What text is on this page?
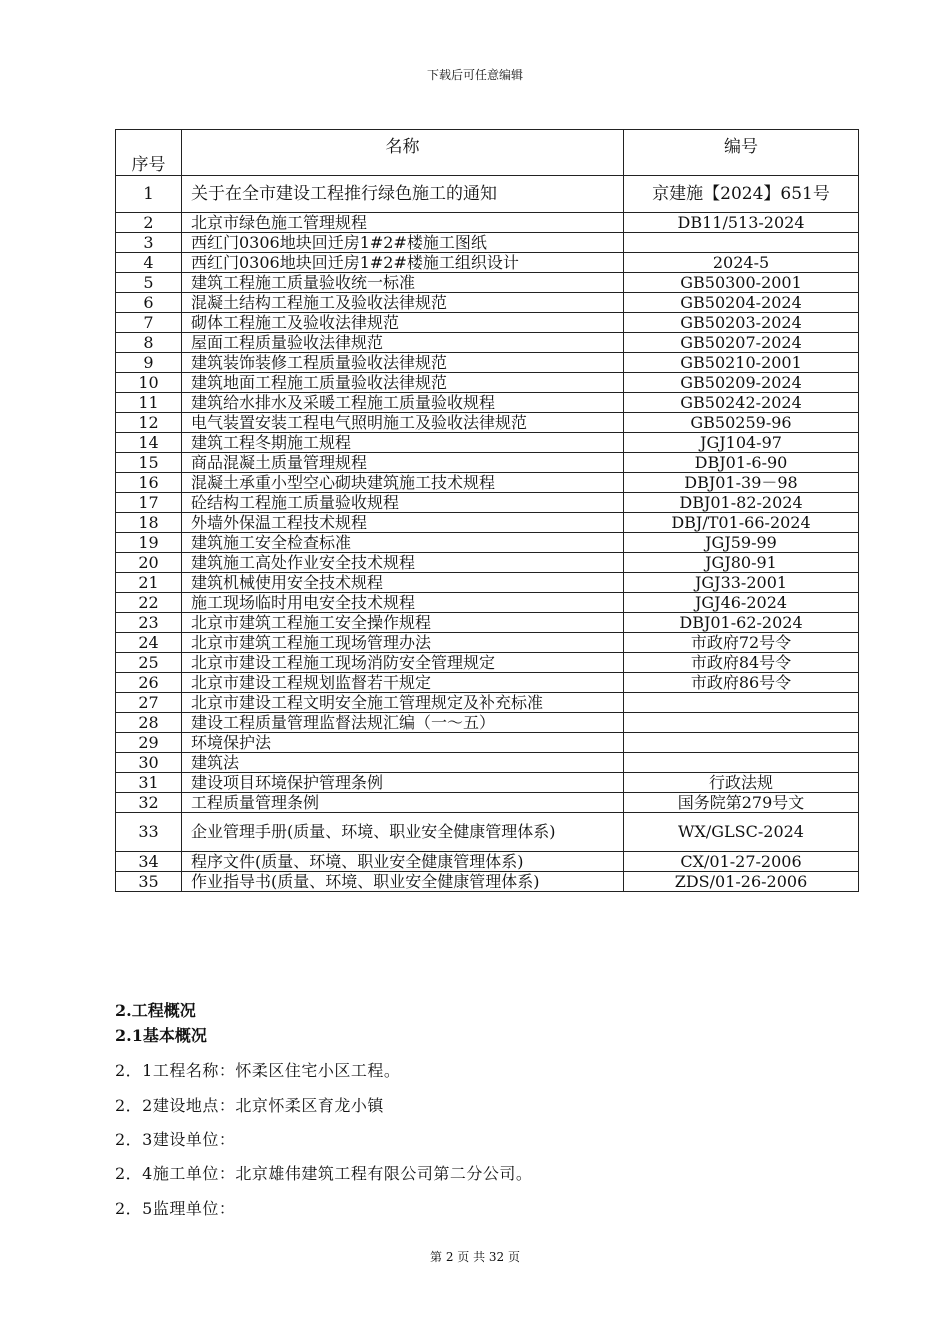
下载后可任意编辑
序号	名称	编号
1	关于在全市建设工程推行绿色施工的通知	京建施【2024】651号
2	北京市绿色施工管理规程	DB11/513-2024
3	西红门0306地块回迁房1#2#楼施工图纸	
4	西红门0306地块回迁房1#2#楼施工组织设计	2024-5
5	建筑工程施工质量验收统一标准	GB50300-2001
6	混凝土结构工程施工及验收法律规范	GB50204-2024
7	砌体工程施工及验收法律规范	GB50203-2024
8	屋面工程质量验收法律规范	GB50207-2024
9	建筑装饰装修工程质量验收法律规范	GB50210-2001
10	建筑地面工程施工质量验收法律规范	GB50209-2024
11	建筑给水排水及采暖工程施工质量验收规程	GB50242-2024
12	电气装置安装工程电气照明施工及验收法律规范	GB50259-96
14	建筑工程冬期施工规程	JGJ104-97
15	商品混凝土质量管理规程	DBJ01-6-90
16	混凝土承重小型空心砌块建筑施工技术规程	DBJ01-39－98
17	砼结构工程施工质量验收规程	DBJ01-82-2024
18	外墙外保温工程技术规程	DBJ/T01-66-2024
19	建筑施工安全检查标准	JGJ59-99
20	建筑施工高处作业安全技术规程	JGJ80-91
21	建筑机械使用安全技术规程	JGJ33-2001
22	施工现场临时用电安全技术规程	JGJ46-2024
23	北京市建筑工程施工安全操作规程	DBJ01-62-2024
24	北京市建筑工程施工现场管理办法	市政府72号令
25	北京市建设工程施工现场消防安全管理规定	市政府84号令
26	北京市建设工程规划监督若干规定	市政府86号令
27	北京市建设工程文明安全施工管理规定及补充标准	
28	建设工程质量管理监督法规汇编（一～五）	
29	环境保护法	
30	建筑法	
31	建设项目环境保护管理条例	行政法规
32	工程质量管理条例	国务院第279号文
33	企业管理手册(质量、环境、职业安全健康管理体系)	WX/GLSC-2024
34	程序文件(质量、环境、职业安全健康管理体系)	CX/01-27-2006
35	作业指导书(质量、环境、职业安全健康管理体系)	ZDS/01-26-2006
2.工程概况
2.1基本概况
2．1工程名称：怀柔区住宅小区工程。
2．2建设地点：北京怀柔区育龙小镇
2．3建设单位：
2．4施工单位：北京雄伟建筑工程有限公司第二分公司。
2．5监理单位：
第 2 页 共 32 页
